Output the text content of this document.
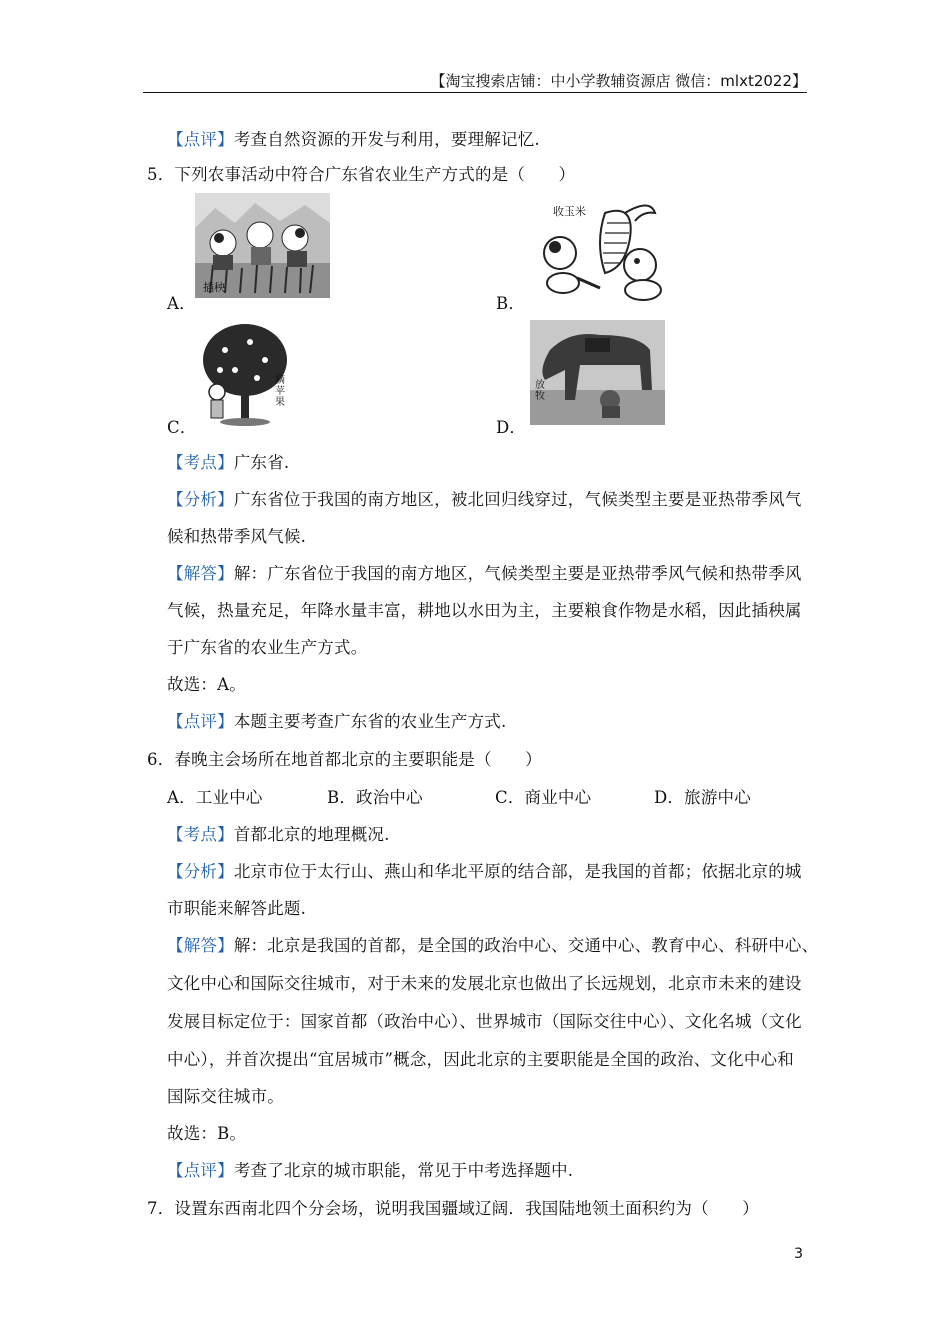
【淘宝搜索店铺：中小学教辅资源店 微信：mlxt2022】
【点评】考查自然资源的开发与利用，要理解记忆.
5．下列农事活动中符合广东省农业生产方式的是（　　）
插秧
A．
收玉米
B．
摘苹果
C．
放牧
D．
【考点】广东省.
【分析】广东省位于我国的南方地区，被北回归线穿过，气候类型主要是亚热带季风气
候和热带季风气候.
【解答】解：广东省位于我国的南方地区，气候类型主要是亚热带季风气候和热带季风
气候，热量充足，年降水量丰富，耕地以水田为主，主要粮食作物是水稻，因此插秧属
于广东省的农业生产方式。
故选：A。
【点评】本题主要考查广东省的农业生产方式.
6．春晚主会场所在地首都北京的主要职能是（　　）
A．工业中心	B．政治中心	C．商业中心	D．旅游中心
【考点】首都北京的地理概况.
【分析】北京市位于太行山、燕山和华北平原的结合部，是我国的首都；依据北京的城
市职能来解答此题.
【解答】解：北京是我国的首都，是全国的政治中心、交通中心、教育中心、科研中心、
文化中心和国际交往城市，对于未来的发展北京也做出了长远规划，北京市未来的建设
发展目标定位于：国家首都（政治中心）、世界城市（国际交往中心）、文化名城（文化
中心），并首次提出“宜居城市”概念，因此北京的主要职能是全国的政治、文化中心和
国际交往城市。
故选：B。
【点评】考查了北京的城市职能，常见于中考选择题中.
7．设置东西南北四个分会场，说明我国疆域辽阔．我国陆地领土面积约为（　　）
3
